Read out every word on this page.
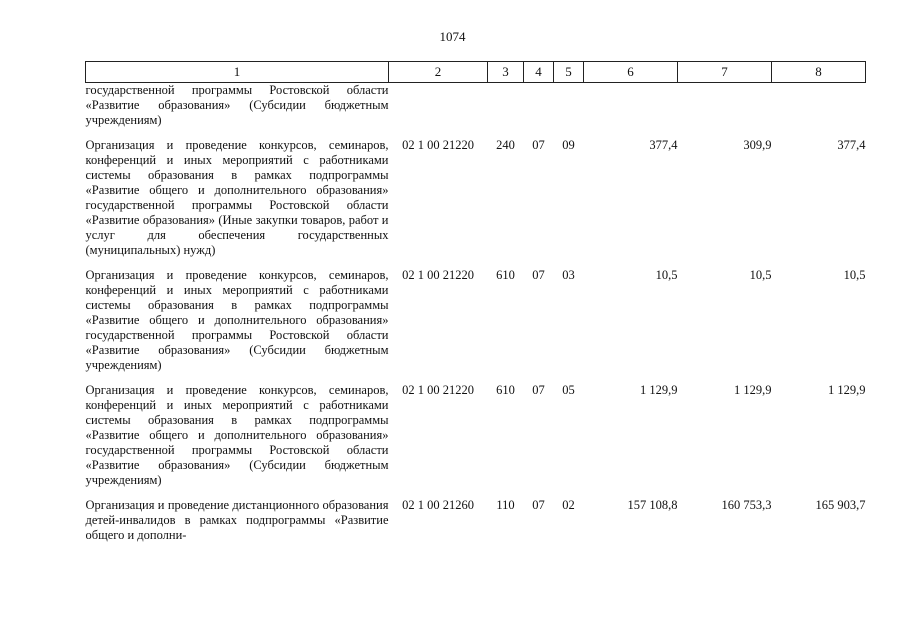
1074
1	2	3	4	5	6	7	8
государственной программы Ростовской области «Развитие образования» (Субсидии бюджетным учреждениям)							

Организация и проведение конкурсов, семинаров, конференций и иных мероприятий с работниками системы образования в рамках подпрограммы «Развитие общего и дополнительного образования» государственной программы Ростовской области «Развитие образования» (Иные закупки товаров, работ и услуг для обеспечения государственных (муниципальных) нужд)	02 1 00 21220	240	07	09	377,4	309,9	377,4

Организация и проведение конкурсов, семинаров, конференций и иных мероприятий с работниками системы образования в рамках подпрограммы «Развитие общего и дополнительного образования» государственной программы Ростовской области «Развитие образования» (Субсидии бюджетным учреждениям)	02 1 00 21220	610	07	03	10,5	10,5	10,5

Организация и проведение конкурсов, семинаров, конференций и иных мероприятий с работниками системы образования в рамках подпрограммы «Развитие общего и дополнительного образования» государственной программы Ростовской области «Развитие образования» (Субсидии бюджетным учреждениям)	02 1 00 21220	610	07	05	1 129,9	1 129,9	1 129,9

Организация и проведение дистанционного образования детей-инвалидов в рамках подпрограммы «Развитие общего и дополни-	02 1 00 21260	110	07	02	157 108,8	160 753,3	165 903,7
